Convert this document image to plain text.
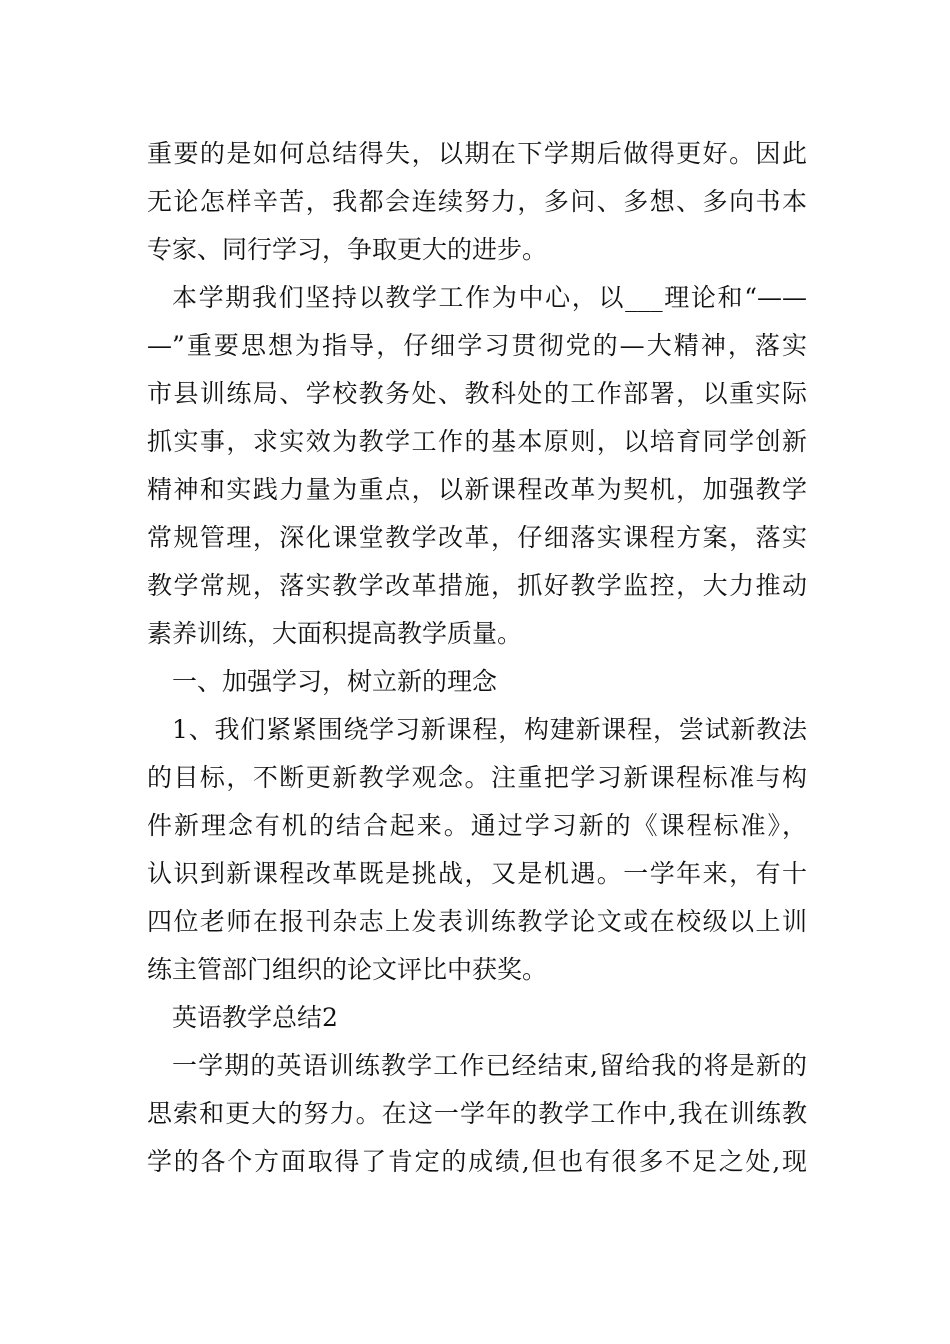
重要的是如何总结得失，以期在下学期后做得更好。因此
无论怎样辛苦，我都会连续努力，多问、多想、多向书本
专家、同行学习，争取更大的进步。
本学期我们坚持以教学工作为中心，以___理论和“——
—”重要思想为指导，仔细学习贯彻党的—大精神，落实
市县训练局、学校教务处、教科处的工作部署，以重实际
抓实事，求实效为教学工作的基本原则，以培育同学创新
精神和实践力量为重点，以新课程改革为契机，加强教学
常规管理，深化课堂教学改革，仔细落实课程方案，落实
教学常规，落实教学改革措施，抓好教学监控，大力推动
素养训练，大面积提高教学质量。
一、加强学习，树立新的理念
1、我们紧紧围绕学习新课程，构建新课程，尝试新教法
的目标，不断更新教学观念。注重把学习新课程标准与构
件新理念有机的结合起来。通过学习新的《课程标准》，
认识到新课程改革既是挑战，又是机遇。一学年来，有十
四位老师在报刊杂志上发表训练教学论文或在校级以上训
练主管部门组织的论文评比中获奖。
英语教学总结2
一学期的英语训练教学工作已经结束,留给我的将是新的
思索和更大的努力。在这一学年的教学工作中,我在训练教
学的各个方面取得了肯定的成绩,但也有很多不足之处,现
